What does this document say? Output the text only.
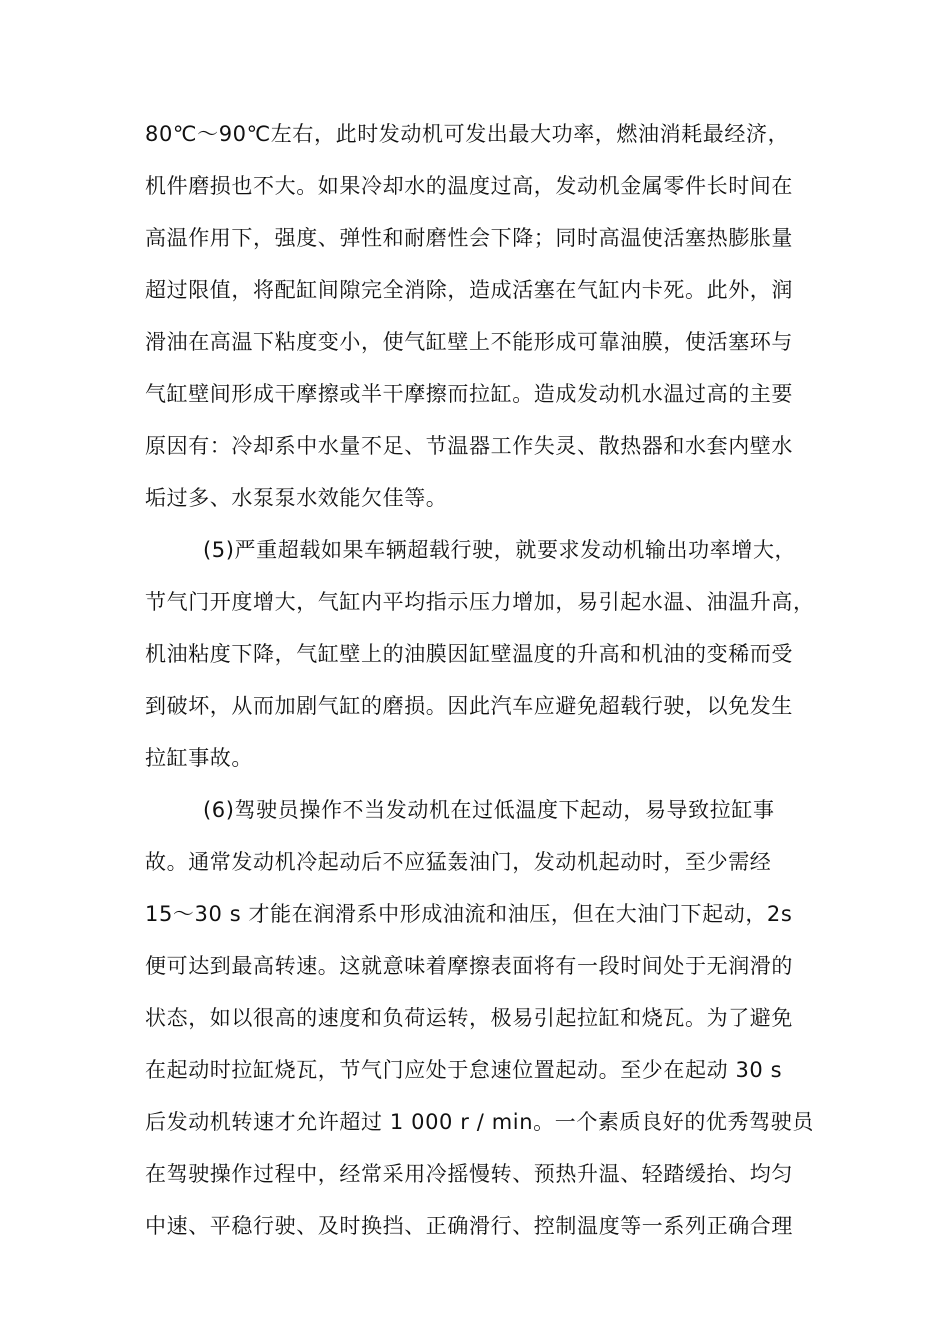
80℃～90℃左右，此时发动机可发出最大功率，燃油消耗最经济，
机件磨损也不大。如果冷却水的温度过高，发动机金属零件长时间在
高温作用下，强度、弹性和耐磨性会下降；同时高温使活塞热膨胀量
超过限值，将配缸间隙完全消除，造成活塞在气缸内卡死。此外，润
滑油在高温下粘度变小，使气缸壁上不能形成可靠油膜，使活塞环与
气缸壁间形成干摩擦或半干摩擦而拉缸。造成发动机水温过高的主要
原因有：冷却系中水量不足、节温器工作失灵、散热器和水套内壁水
垢过多、水泵泵水效能欠佳等。
(5)严重超载如果车辆超载行驶，就要求发动机输出功率增大，
节气门开度增大，气缸内平均指示压力增加，易引起水温、油温升高，
机油粘度下降，气缸壁上的油膜因缸壁温度的升高和机油的变稀而受
到破坏，从而加剧气缸的磨损。因此汽车应避免超载行驶，以免发生
拉缸事故。
(6)驾驶员操作不当发动机在过低温度下起动，易导致拉缸事
故。通常发动机冷起动后不应猛轰油门，发动机起动时，至少需经
15～30 s 才能在润滑系中形成油流和油压，但在大油门下起动，2s
便可达到最高转速。这就意味着摩擦表面将有一段时间处于无润滑的
状态，如以很高的速度和负荷运转，极易引起拉缸和烧瓦。为了避免
在起动时拉缸烧瓦，节气门应处于怠速位置起动。至少在起动 30 s
后发动机转速才允许超过 1 000 r / min。一个素质良好的优秀驾驶员
在驾驶操作过程中，经常采用冷摇慢转、预热升温、轻踏缓抬、均匀
中速、平稳行驶、及时换挡、正确滑行、控制温度等一系列正确合理
